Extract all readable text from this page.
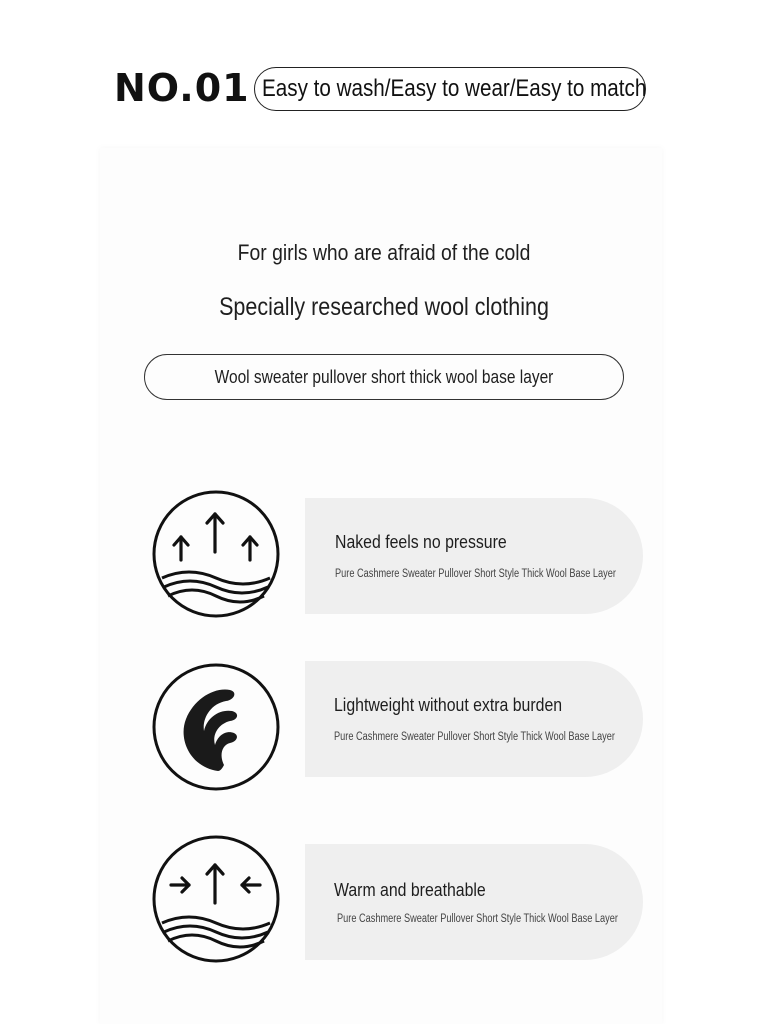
NO.01 Easy to wash/Easy to wear/Easy to match
For girls who are afraid of the cold
Specially researched wool clothing
Wool sweater pullover short thick wool base layer
Naked feels no pressure
Pure Cashmere Sweater Pullover Short Style Thick Wool Base Layer
Lightweight without extra burden
Pure Cashmere Sweater Pullover Short Style Thick Wool Base Layer
Warm and breathable
Pure Cashmere Sweater Pullover Short Style Thick Wool Base Layer
